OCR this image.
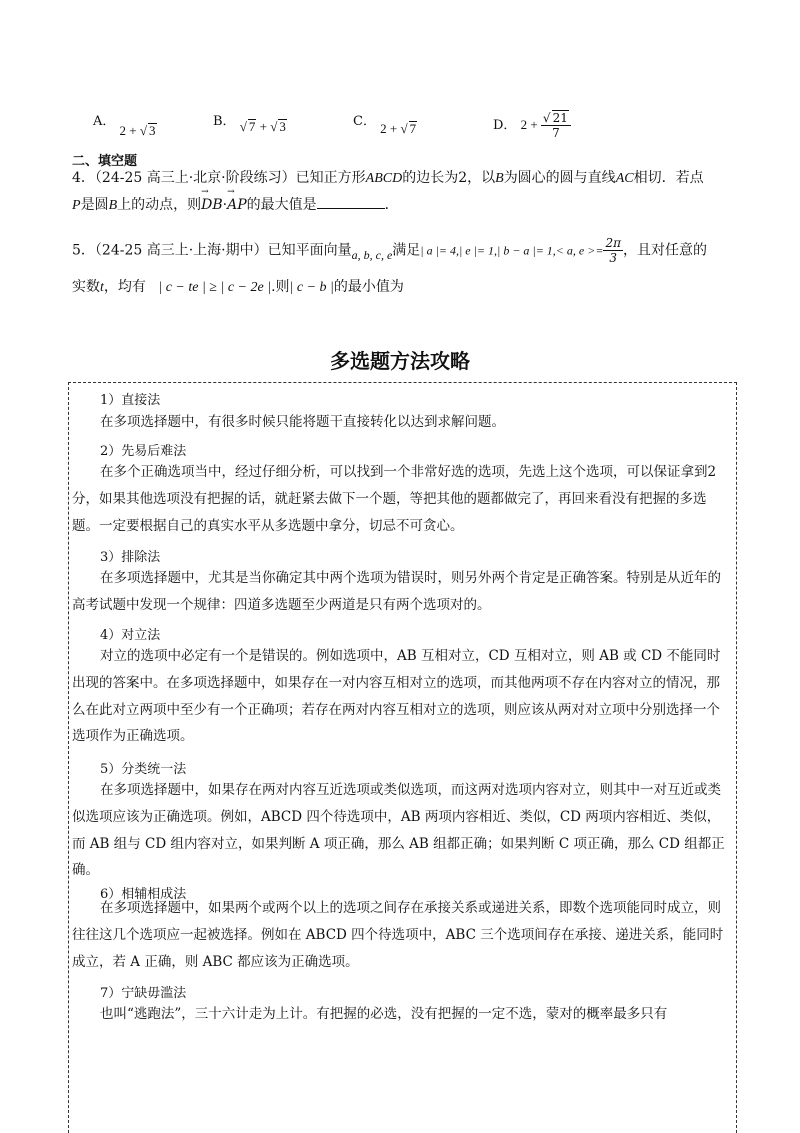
A． 2 + √ 3
B． √ 7 + √ 3	C． 2 + √ 7	D． $2 + \frac{√ 21}{7}$
二、填空题
4．（24-25 高三上·北京·阶段练习）已知正方形ABCD的边长为2，以B为圆心的圆与直线AC相切．若点
P是圆B上的动点，则→ DB·→ AP的最大值是	．
5．（24-25 高三上·上海·期中）已知平面向量a, b, c, e满足| a |= 4,| e |= 1,| b − a |= 1,< a, $e >= \frac{2\pi}{3}$ ，且对任意的
实数t，均有 | c − te | ≥ | c − 2e |.则| c − b |的最小值为
多选题方法攻略
1）直接法
在多项选择题中，有很多时候只能将题干直接转化以达到求解问题。
2）先易后难法
在多个正确选项当中，经过仔细分析，可以找到一个非常好选的选项，先选上这个选项，可以保证拿到2分，如果其他选项没有把握的话，就赶紧去做下一个题，等把其他的题都做完了，再回来看没有把握的多选题。一定要根据自己的真实水平从多选题中拿分，切忌不可贪心。
3）排除法
在多项选择题中，尤其是当你确定其中两个选项为错误时，则另外两个肯定是正确答案。特别是从近年的高考试题中发现一个规律：四道多选题至少两道是只有两个选项对的。
4）对立法
对立的选项中必定有一个是错误的。例如选项中，AB 互相对立，CD 互相对立，则 AB 或 CD 不能同时出现的答案中。在多项选择题中，如果存在一对内容互相对立的选项，而其他两项不存在内容对立的情况，那么在此对立两项中至少有一个正确项；若存在两对内容互相对立的选项，则应该从两对对立项中分别选择一个选项作为正确选项。
5）分类统一法
在多项选择题中，如果存在两对内容互近选项或类似选项，而这两对选项内容对立，则其中一对互近或类似选项应该为正确选项。例如，ABCD 四个待选项中，AB 两项内容相近、类似，CD 两项内容相近、类似，而 AB 组与 CD 组内容对立，如果判断 A 项正确，那么 AB 组都正确；如果判断 C 项正确，那么 CD 组都正确。
6）相辅相成法
在多项选择题中，如果两个或两个以上的选项之间存在承接关系或递进关系，即数个选项能同时成立，则往往这几个选项应一起被选择。例如在 ABCD 四个待选项中，ABC 三个选项间存在承接、递进关系，能同时成立，若 A 正确，则 ABC 都应该为正确选项。
7）宁缺毋滥法
也叫“逃跑法”，三十六计走为上计。有把握的必选，没有把握的一定不选，蒙对的概率最多只有
